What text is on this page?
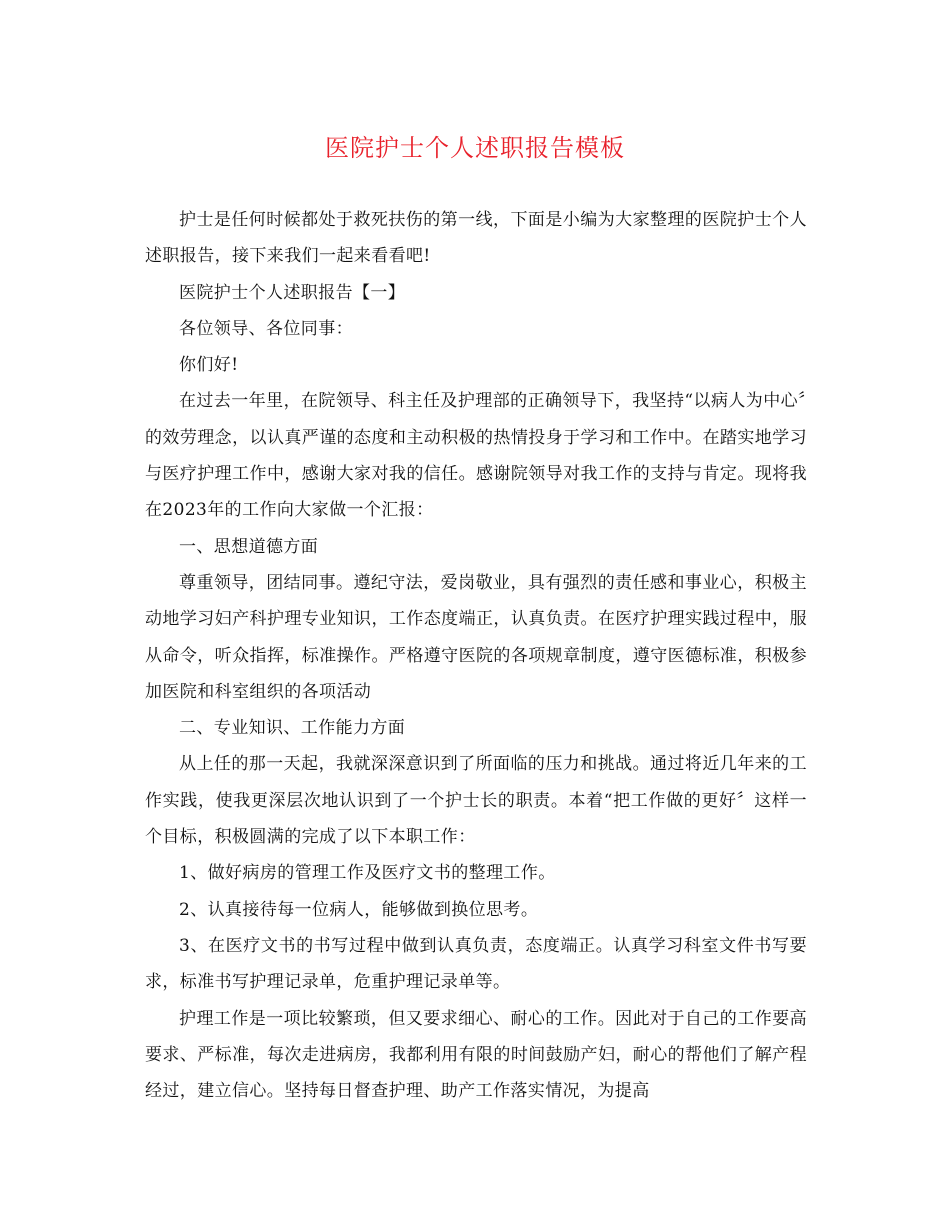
医院护士个人述职报告模板

护士是任何时候都处于救死扶伤的第一线，下面是小编为大家整理的医院护士个人述职报告，接下来我们一起来看看吧!

医院护士个人述职报告【一】

各位领导、各位同事：

你们好!

在过去一年里，在院领导、科主任及护理部的正确领导下，我坚持“以病人为中心〞的效劳理念，以认真严谨的态度和主动积极的热情投身于学习和工作中。在踏实地学习与医疗护理工作中，感谢大家对我的信任。感谢院领导对我工作的支持与肯定。现将我在2023年的工作向大家做一个汇报：

一、思想道德方面

尊重领导，团结同事。遵纪守法，爱岗敬业，具有强烈的责任感和事业心，积极主动地学习妇产科护理专业知识，工作态度端正，认真负责。在医疗护理实践过程中，服从命令，听众指挥，标准操作。严格遵守医院的各项规章制度，遵守医德标准，积极参加医院和科室组织的各项活动

二、专业知识、工作能力方面

从上任的那一天起，我就深深意识到了所面临的压力和挑战。通过将近几年来的工作实践，使我更深层次地认识到了一个护士长的职责。本着“把工作做的更好〞这样一个目标，积极圆满的完成了以下本职工作：

1、做好病房的管理工作及医疗文书的整理工作。

2、认真接待每一位病人，能够做到换位思考。

3、在医疗文书的书写过程中做到认真负责，态度端正。认真学习科室文件书写要求，标准书写护理记录单，危重护理记录单等。

护理工作是一项比较繁琐，但又要求细心、耐心的工作。因此对于自己的工作要高要求、严标准，每次走进病房，我都利用有限的时间鼓励产妇，耐心的帮他们了解产程经过，建立信心。坚持每日督查护理、助产工作落实情况，为提高
